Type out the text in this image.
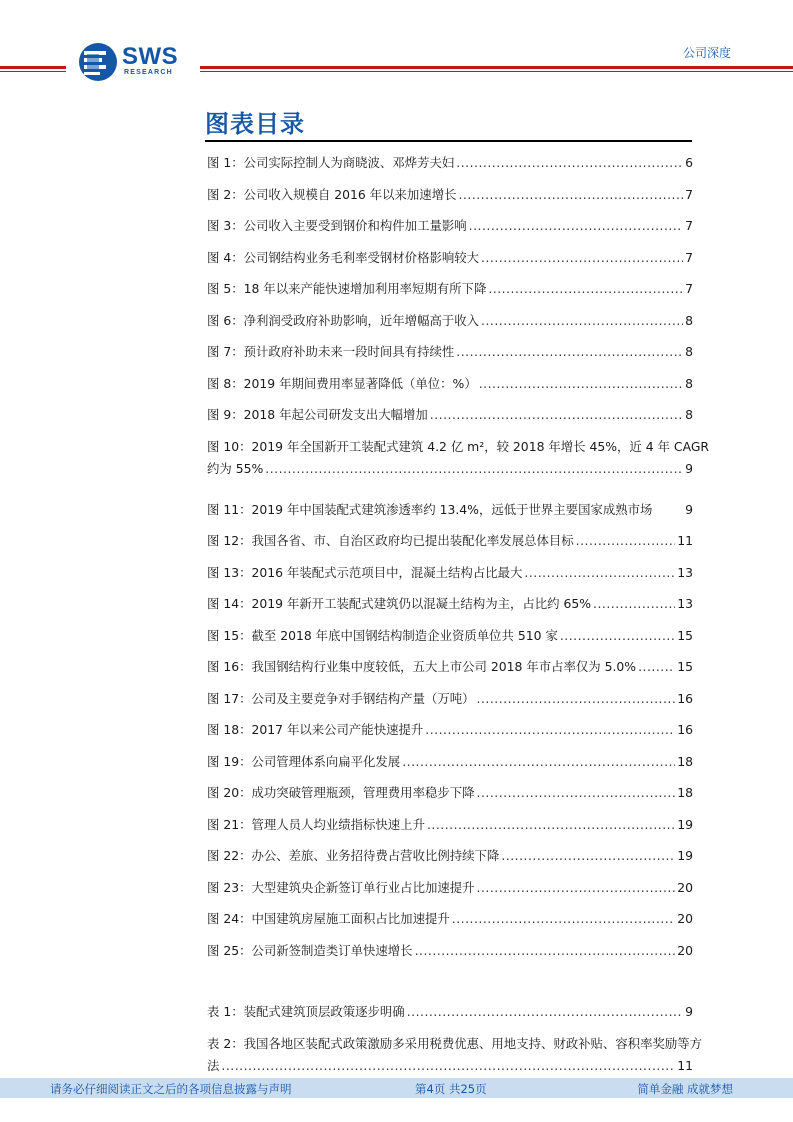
SWS
RESEARCH
公司深度
图表目录
图 1：公司实际控制人为商晓波、邓烨芳夫妇 .....	6
图 2：公司收入规模自 2016 年以来加速增长 .....	7
图 3：公司收入主要受到钢价和构件加工量影响 .....	7
图 4：公司钢结构业务毛利率受钢材价格影响较大 .....	7
图 5：18 年以来产能快速增加利用率短期有所下降 .....	7
图 6：净利润受政府补助影响，近年增幅高于收入 .....	8
图 7：预计政府补助未来一段时间具有持续性 .....	8
图 8：2019 年期间费用率显著降低（单位：%） .....	8
图 9：2018 年起公司研发支出大幅增加 .....	8
图 10：2019 年全国新开工装配式建筑 4.2 亿 m²，较 2018 年增长 45%，近 4 年 CAGR
约为 55% .....	9
图 11：2019 年中国装配式建筑渗透率约 13.4%，远低于世界主要国家成熟市场	9
图 12：我国各省、市、自治区政府均已提出装配化率发展总体目标 .....	11
图 13：2016 年装配式示范项目中，混凝土结构占比最大 .....	13
图 14：2019 年新开工装配式建筑仍以混凝土结构为主，占比约 65% .....	13
图 15：截至 2018 年底中国钢结构制造企业资质单位共 510 家 .....	15
图 16：我国钢结构行业集中度较低，五大上市公司 2018 年市占率仅为 5.0% .....	15
图 17：公司及主要竞争对手钢结构产量（万吨） .....	16
图 18：2017 年以来公司产能快速提升 .....	16
图 19：公司管理体系向扁平化发展 .....	18
图 20：成功突破管理瓶颈，管理费用率稳步下降 .....	18
图 21：管理人员人均业绩指标快速上升 .....	19
图 22：办公、差旅、业务招待费占营收比例持续下降 .....	19
图 23：大型建筑央企新签订单行业占比加速提升 .....	20
图 24：中国建筑房屋施工面积占比加速提升 .....	20
图 25：公司新签制造类订单快速增长 .....	20
表 1：装配式建筑顶层政策逐步明确 .....	9
表 2：我国各地区装配式政策激励多采用税费优惠、用地支持、财政补贴、容积率奖励等方
法 .....	11
请务必仔细阅读正文之后的各项信息披露与声明	第4页 共25页	简单金融 成就梦想
